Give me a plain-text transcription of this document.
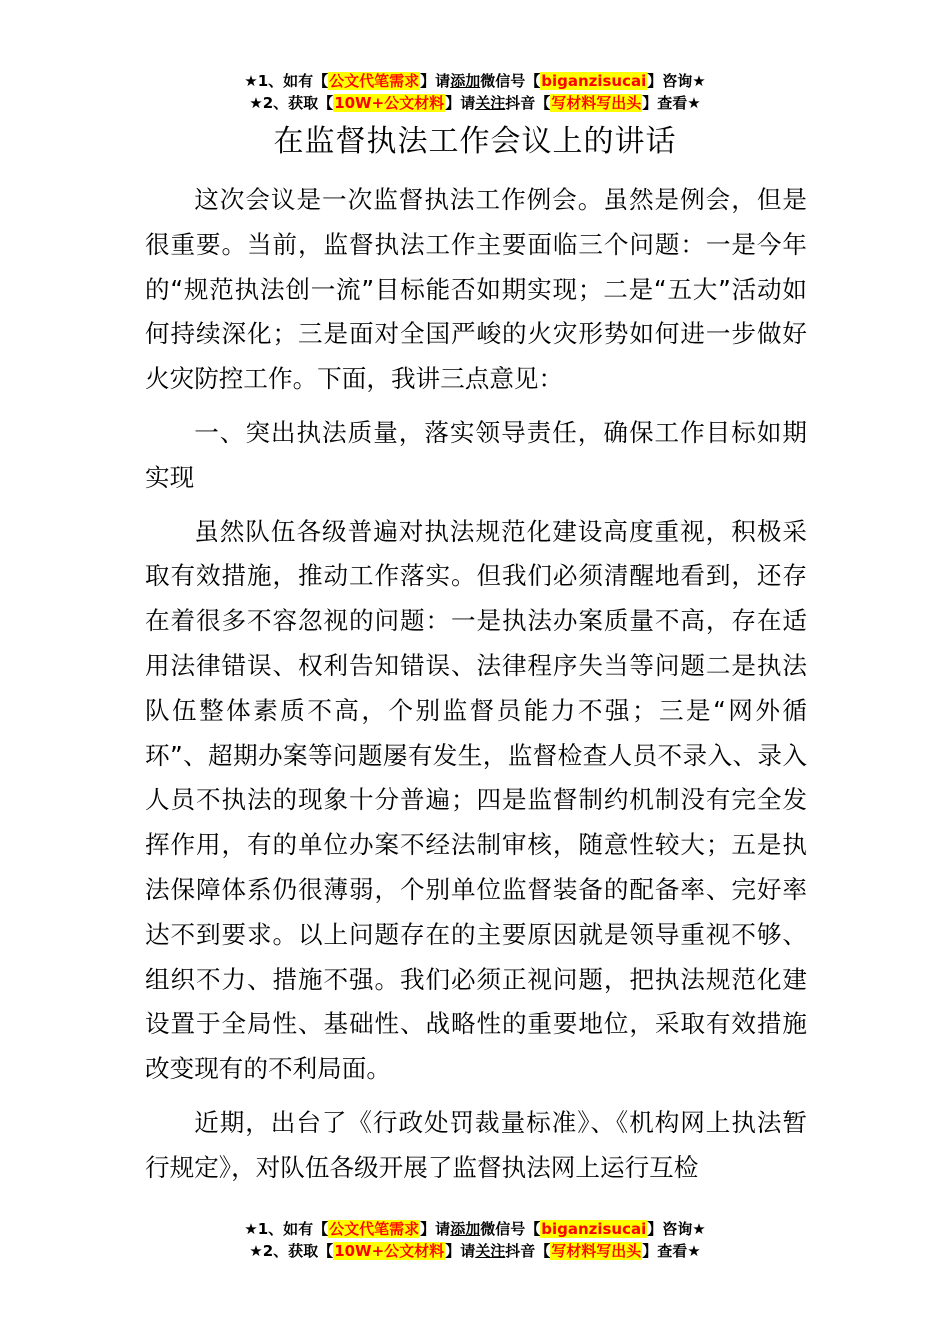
★1、如有【公文代笔需求】请添加微信号【biganzisucai】咨询★
★2、获取【10W+公文材料】请关注抖音【写材料写出头】查看★
在监督执法工作会议上的讲话

这次会议是一次监督执法工作例会。虽然是例会，但是很重要。当前，监督执法工作主要面临三个问题：一是今年的“规范执法创一流”目标能否如期实现；二是“五大”活动如何持续深化；三是面对全国严峻的火灾形势如何进一步做好火灾防控工作。下面，我讲三点意见：

一、突出执法质量，落实领导责任，确保工作目标如期实现

虽然队伍各级普遍对执法规范化建设高度重视，积极采取有效措施，推动工作落实。但我们必须清醒地看到，还存在着很多不容忽视的问题：一是执法办案质量不高，存在适用法律错误、权利告知错误、法律程序失当等问题二是执法队伍整体素质不高，个别监督员能力不强；三是“网外循环”、超期办案等问题屡有发生，监督检查人员不录入、录入人员不执法的现象十分普遍；四是监督制约机制没有完全发挥作用，有的单位办案不经法制审核，随意性较大；五是执法保障体系仍很薄弱，个别单位监督装备的配备率、完好率达不到要求。以上问题存在的主要原因就是领导重视不够、组织不力、措施不强。我们必须正视问题，把执法规范化建设置于全局性、基础性、战略性的重要地位，采取有效措施改变现有的不利局面。

近期，出台了《行政处罚裁量标准》、《机构网上执法暂行规定》，对队伍各级开展了监督执法网上运行互检

★1、如有【公文代笔需求】请添加微信号【biganzisucai】咨询★
★2、获取【10W+公文材料】请关注抖音【写材料写出头】查看★
